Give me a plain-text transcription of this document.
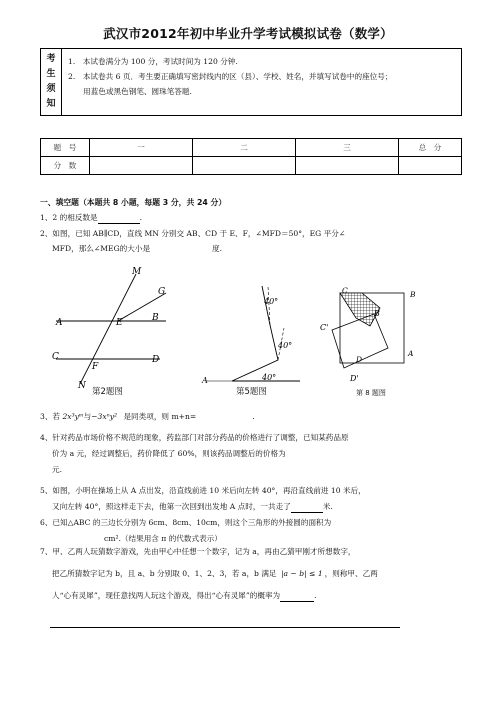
武汉市2012年初中毕业升学考试模拟试卷（数学）
考
生
须
知

1.　本试卷满分为 100 分，考试时间为 120 分钟.
2.　本试卷共 6 页．考生要正确填写密封线内的区（县）、学校、姓名，并填写试卷中的座位号；
　　用蓝色或黑色钢笔、圆珠笔答题.
题　号	一	二	三	总　分
分　数				
一、填空题（本题共 8 小题，每题 3 分，共 24 分）
1、2 的相反数是	.
2、如图，已知 AB∥CD，直线 MN 分别交 AB、CD 于 E、F，∠MFD＝50°，EG 平分∠
MFD，那么∠MEG的大小是	度.
M
G
A	E	B
C
F
D
N
第2题图
40°
40°
A	40°
第5题图
C	B
B
C'
D
D'
A
第 8 题图
3、若 2x³yᵐ与−3xⁿy² 是同类项，则 m+n=	.
4、针对药品市场价格不规范的现象，药监部门对部分药品的价格进行了调整，已知某药品原
价为 a 元，经过调整后，药价降低了 60%，则该药品调整后的价格为
元.
5、如图，小明在操场上从 A 点出发，沿直线前进 10 米后向左转 40°，再沿直线前进 10 米后，
又向左转 40°，照这样走下去，他第一次回到出发地 A 点时，一共走了	米.
6、已知△ABC 的三边长分别为 6cm、8cm、10cm，则这个三角形的外接圆的面积为
cm².（结果用含 π 的代数式表示）
7、甲、乙两人玩猜数字游戏，先由甲心中任想一个数字，记为 a，再由乙猜甲刚才所想数字，
把乙所猜数字记为 b，且 a、b 分别取 0、1、2、3，若 a，b 满足 |a − b| ≤ 1 ，则称甲、乙两
人“心有灵犀”，现任意找两人玩这个游戏，得出“心有灵犀”的概率为	.
